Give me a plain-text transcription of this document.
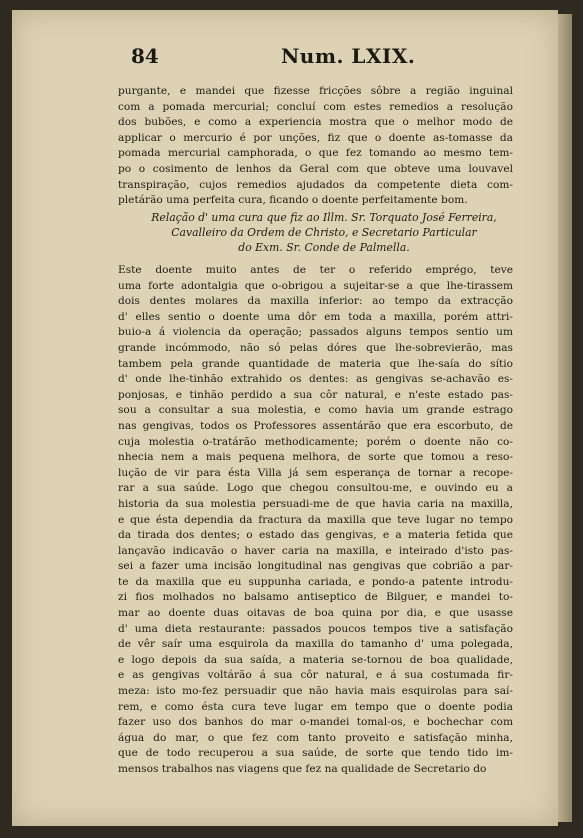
84	Num. LXIX.
purgante, e mandei que fizesse fricções sôbre a região inguinal
com a pomada mercurial; concluí com estes remedios a resolução
dos bubões, e como a experiencia mostra que o melhor modo de
applicar o mercurio é por unções, fiz que o doente as-tomasse da
pomada mercurial camphorada, o que fez tomando ao mesmo tem-
po o cosimento de lenhos da Geral com que obteve uma louvavel
transpiração, cujos remedios ajudados da competente dieta com-
pletárão uma perfeita cura, ficando o doente perfeitamente bom.
Relação d' uma cura que fiz ao Illm. Sr. Torquato José Ferreira,
Cavalleiro da Ordem de Christo, e Secretario Particular
do Exm. Sr. Conde de Palmella.
Este doente muito antes de ter o referido emprégo, teve
uma forte adontalgia que o-obrigou a sujeitar-se a que lhe-tirassem
dois dentes molares da maxilla inferior: ao tempo da extracção
d' elles sentio o doente uma dôr em toda a maxilla, porém attri-
buio-a á violencia da operação; passados alguns tempos sentio um
grande incómmodo, não só pelas dóres que lhe-sobrevierão, mas
tambem pela grande quantidade de materia que lhe-saía do sítio
d' onde lhe-tinhão extrahido os dentes: as gengivas se-achavão es-
ponjosas, e tinhão perdido a sua côr natural, e n'este estado pas-
sou a consultar a sua molestia, e como havia um grande estrago
nas gengivas, todos os Professores assentárão que era escorbuto, de
cuja molestia o-tratárão methodicamente; porém o doente não co-
nhecia nem a mais pequena melhora, de sorte que tomou a reso-
lução de vir para ésta Villa já sem esperança de tornar a recope-
rar a sua saúde. Logo que chegou consultou-me, e ouvindo eu a
historia da sua molestia persuadi-me de que havia caria na maxilla,
e que ésta dependia da fractura da maxilla que teve lugar no tempo
da tirada dos dentes; o estado das gengivas, e a materia fetida que
lançavão indicavão o haver caria na maxilla, e inteirado d'isto pas-
sei a fazer uma incisão longitudinal nas gengivas que cobrião a par-
te da maxilla que eu suppunha cariada, e pondo-a patente introdu-
zi fios molhados no balsamo antiseptico de Bilguer, e mandei to-
mar ao doente duas oitavas de boa quina por dia, e que usasse
d' uma dieta restaurante: passados poucos tempos tive a satisfação
de vêr saír uma esquirola da maxilla do tamanho d' uma polegada,
e logo depois da sua saída, a materia se-tornou de boa qualidade,
e as gengivas voltárão á sua côr natural, e á sua costumada fir-
meza: isto mo-fez persuadir que não havia mais esquirolas para saí-
rem, e como ésta cura teve lugar em tempo que o doente podia
fazer uso dos banhos do mar o-mandei tomal-os, e bochechar com
água do mar, o que fez com tanto proveito e satisfação minha,
que de todo recuperou a sua saúde, de sorte que tendo tido im-
mensos trabalhos nas viagens que fez na qualidade de Secretario do
